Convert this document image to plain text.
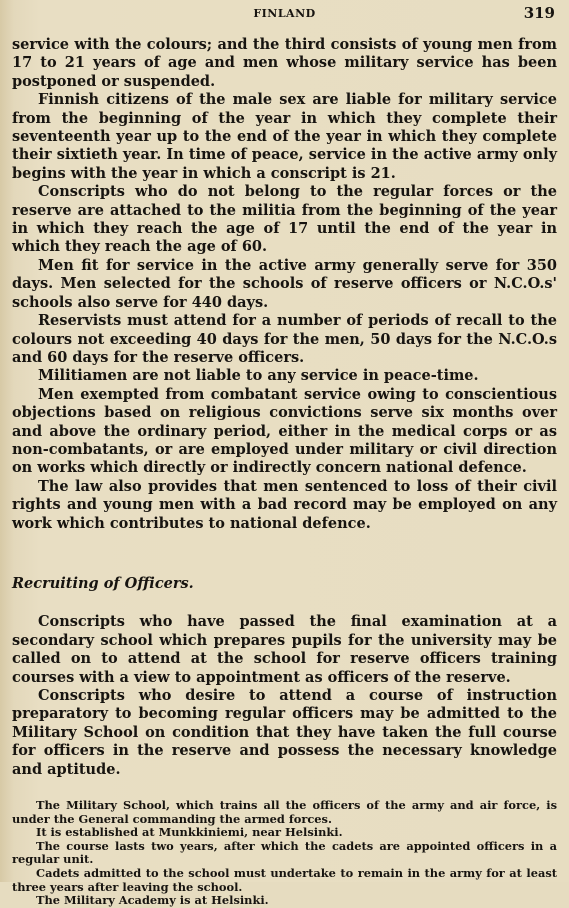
FINLAND	319

service with the colours; and the third consists of young men from 17 to 21 years of age and men whose military service has been postponed or suspended.

Finnish citizens of the male sex are liable for military service from the beginning of the year in which they complete their seventeenth year up to the end of the year in which they complete their sixtieth year. In time of peace, service in the active army only begins with the year in which a conscript is 21.

Conscripts who do not belong to the regular forces or the reserve are attached to the militia from the beginning of the year in which they reach the age of 17 until the end of the year in which they reach the age of 60.

Men fit for service in the active army generally serve for 350 days. Men selected for the schools of reserve officers or N.C.O.s' schools also serve for 440 days.

Reservists must attend for a number of periods of recall to the colours not exceeding 40 days for the men, 50 days for the N.C.O.s and 60 days for the reserve officers.

Militiamen are not liable to any service in peace-time.

Men exempted from combatant service owing to conscientious objections based on religious convictions serve six months over and above the ordinary period, either in the medical corps or as non-combatants, or are employed under military or civil direction on works which directly or indirectly concern national defence.

The law also provides that men sentenced to loss of their civil rights and young men with a bad record may be employed on any work which contributes to national defence.

Recruiting of Officers.

Conscripts who have passed the final examination at a secondary school which prepares pupils for the university may be called on to attend at the school for reserve officers training courses with a view to appointment as officers of the reserve.

Conscripts who desire to attend a course of instruction preparatory to becoming regular officers may be admitted to the Military School on condition that they have taken the full course for officers in the reserve and possess the necessary knowledge and aptitude.

The Military School, which trains all the officers of the army and air force, is under the General commanding the armed forces.

It is established at Munkkiniemi, near Helsinki.

The course lasts two years, after which the cadets are appointed officers in a regular unit.

Cadets admitted to the school must undertake to remain in the army for at least three years after leaving the school.

The Military Academy is at Helsinki.
